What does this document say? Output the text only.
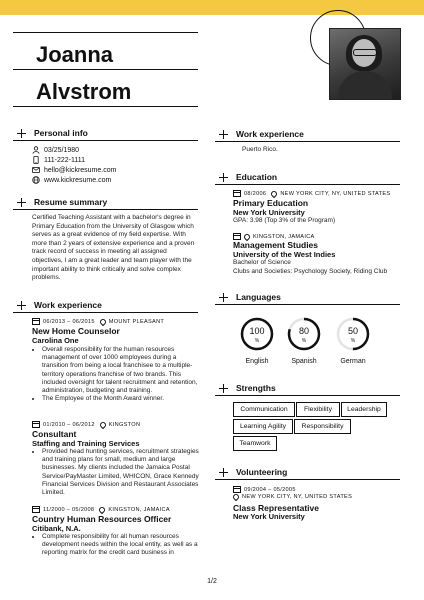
Joanna
Alvstrom
Personal info
03/25/1980
111-222-1111
hello@kickresume.com
www.kickresume.com
Resume summary
Certified Teaching Assistant with a bachelor's degree in Primary Education from the University of Glasgow which serves as a great evidence of my field expertise. With more than 2 years of extensive experience and a proven track record of success in meeting all assigned objectives, I am a great leader and team player with the important ability to think critically and solve complex problems.
Work experience
06/2013 – 06/2015	MOUNT PLEASANT
New Home Counselor
Carolina One
• Overall responsibility for the human resources management of over 1000 employees during a transition from being a local franchisee to a multiple-territory operations franchise of two brands. This included oversight for talent recruitment and retention, administration, budgeting and training.
• The Employee of the Month Award winner.
01/2010 – 06/2012	KINGSTON
Consultant
Staffing and Training Services
• Provided head hunting services, recruitment strategies and training plans for small, medium and large businesses. My clients included the Jamaica Postal Service/PayMaster Limited, WHICON, Grace Kennedy Financial Services Division and Restaurant Associates Limited.
11/2000 – 05/2008	KINGSTON, JAMAICA
Country Human Resources Officer
Citibank, N.A.
• Complete responsibility for all human resources development needs within the local entity, as well as a reporting matrix for the credit card business in
Work experience
Puerto Rico.
Education
08/2006	NEW YORK CITY, NY, UNITED STATES
Primary Education
New York University
GPA: 3.98 (Top 3% of the Program)
KINGSTON, JAMAICA
Management Studies
University of the West Indies
Bachelor of Science
Clubs and Societies: Psychology Society, Riding Club
Languages
100
%
English
80
%
Spanish
50
%
German
Strengths
Communication	Flexibility	Leadership
Learning Agility	Responsibility
Teamwork
Volunteering
09/2004 – 05/2005
NEW YORK CITY, NY, UNITED STATES
Class Representative
New York University
1/2
